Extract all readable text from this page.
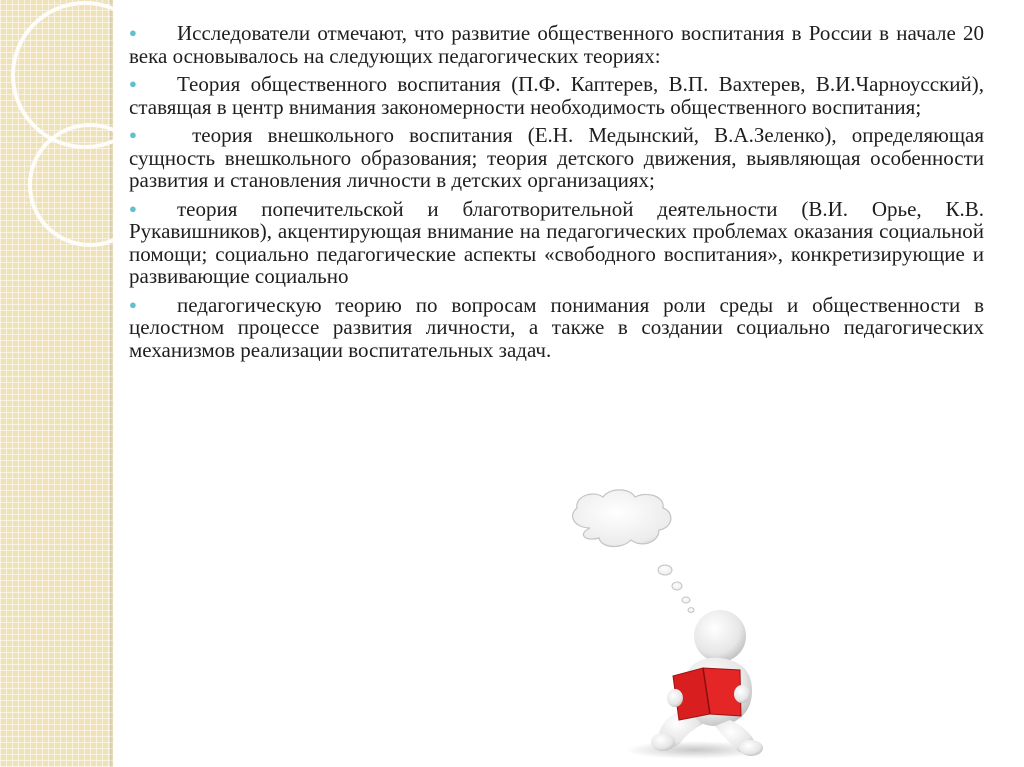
● Исследователи отмечают, что развитие общественного воспитания в России в начале 20 века основывалось на следующих педагогических теориях:

● Теория общественного воспитания (П.Ф. Каптерев, В.П. Вахтерев, В.И.Чарноусский), ставящая в центр внимания закономерности необходимость общественного воспитания;

● теория внешкольного воспитания (Е.Н. Медынский, В.А.Зеленко), определяющая сущность внешкольного образования; теория детского движения, выявляющая особенности развития и становления личности в детских организациях;

● теория попечительской и благотворительной деятельности (В.И. Орье, К.В. Рукавишников), акцентирующая внимание на педагогических проблемах оказания социальной помощи; социально педагогические аспекты «свободного воспитания», конкретизирующие и развивающие социально

● педагогическую теорию по вопросам понимания роли среды и общественности в целостном процессе развития личности, а также в создании социально педагогических механизмов реализации воспитательных задач.
